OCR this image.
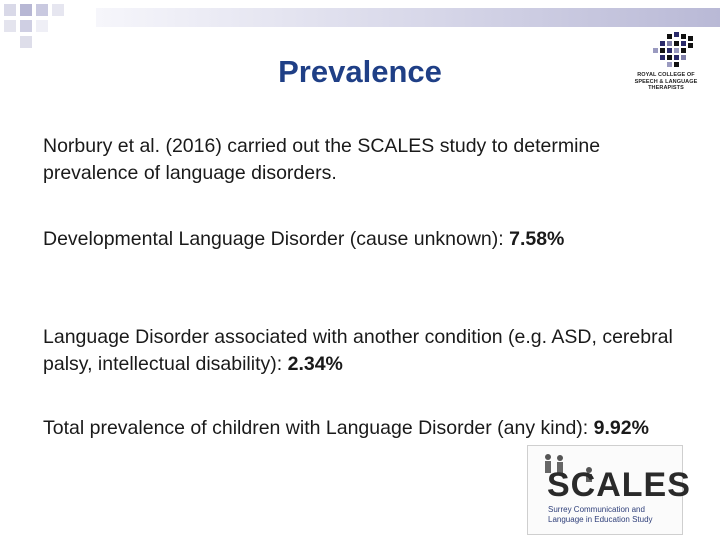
Prevalence	ROYAL COLLEGE OF SPEECH & LANGUAGE THERAPISTS

Norbury et al. (2016) carried out the SCALES study to determine prevalence of language disorders.

Developmental Language Disorder (cause unknown): 7.58%

Language Disorder associated with another condition (e.g. ASD, cerebral palsy, intellectual disability): 2.34%

Total prevalence of children with Language Disorder (any kind): 9.92%

SCALES
Surrey Communication and Language in Education Study
